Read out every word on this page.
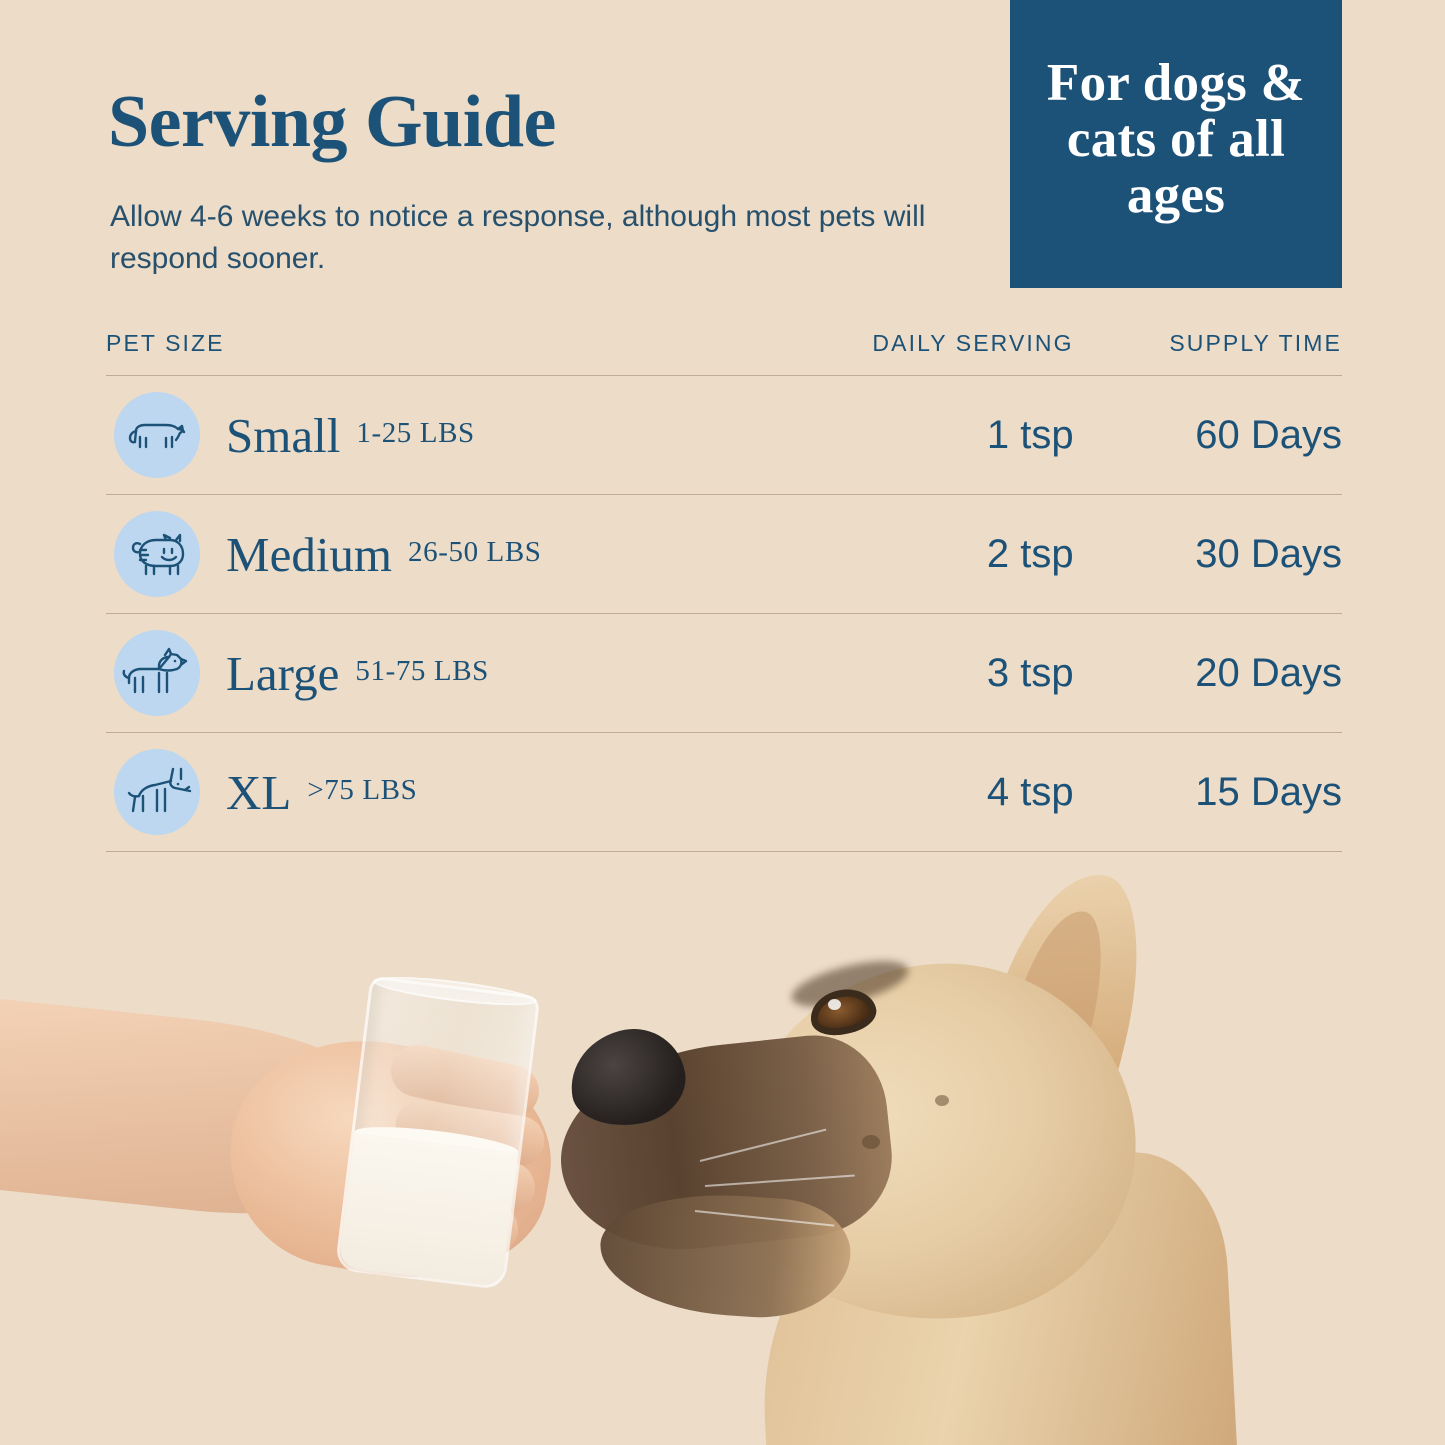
For dogs & cats of all ages
Serving Guide
Allow 4-6 weeks to notice a response, although most pets will respond sooner.
PET SIZE	DAILY SERVING	SUPPLY TIME
Small 1-25 LBS	1 tsp	60 Days
Medium 26-50 LBS	2 tsp	30 Days
Large 51-75 LBS	3 tsp	20 Days
XL >75 LBS	4 tsp	15 Days
